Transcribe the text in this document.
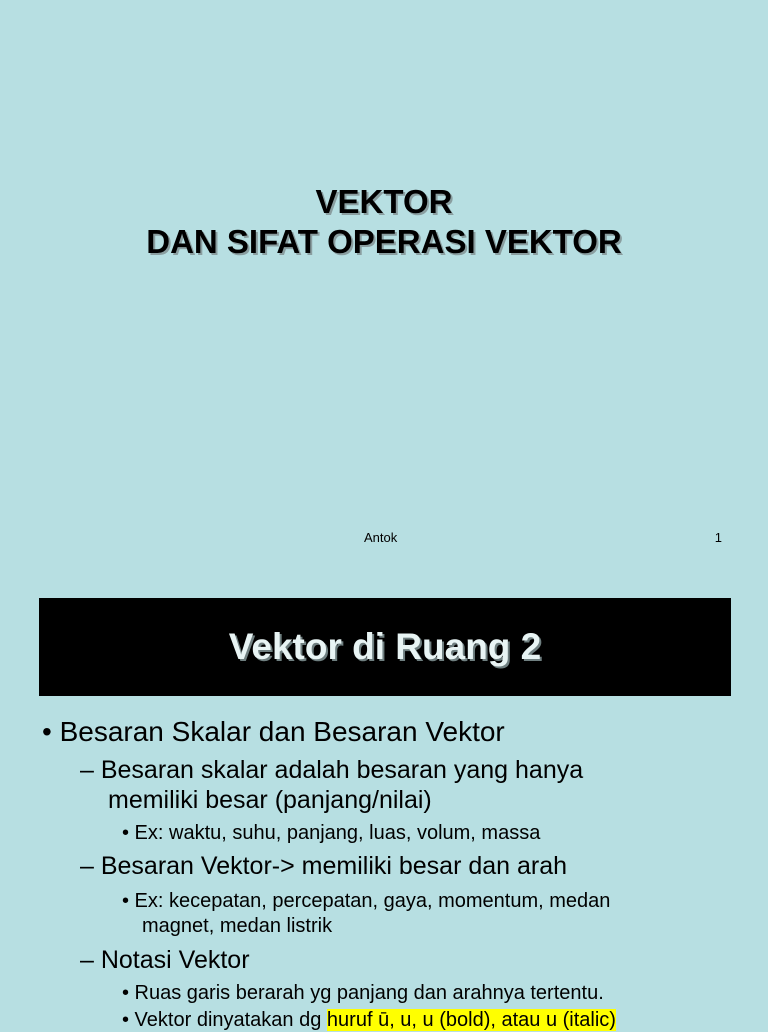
VEKTOR
DAN SIFAT OPERASI VEKTOR
Antok	1
Vektor di Ruang 2
• Besaran Skalar dan Besaran Vektor
– Besaran skalar adalah besaran yang hanya
memiliki besar (panjang/nilai)
• Ex: waktu, suhu, panjang, luas, volum, massa
– Besaran Vektor-> memiliki besar dan arah
• Ex: kecepatan, percepatan, gaya, momentum, medan
magnet, medan listrik
– Notasi Vektor
• Ruas garis berarah yg panjang dan arahnya tertentu.
• Vektor dinyatakan dg huruf ū, u, u (bold), atau u (italic)
